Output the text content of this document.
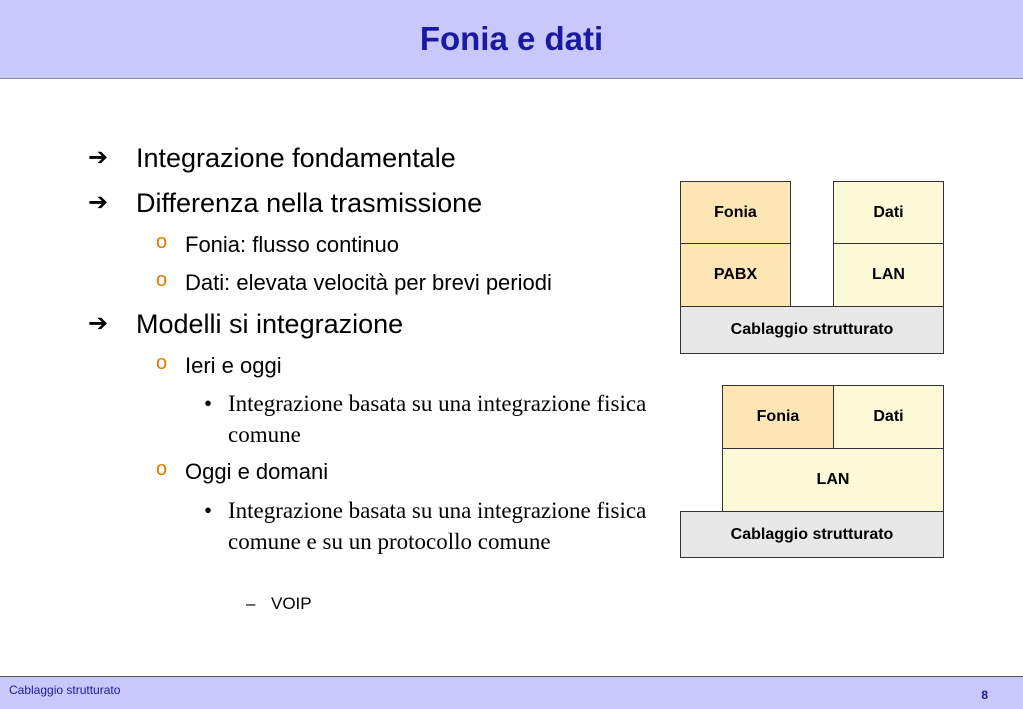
Fonia e dati
➔ Integrazione fondamentale
➔ Differenza nella trasmissione
o Fonia: flusso continuo
o Dati: elevata velocità per brevi periodi
➔ Modelli si integrazione
o Ieri e oggi
• Integrazione basata su una integrazione fisica comune
o Oggi e domani
• Integrazione basata su una integrazione fisica comune e su un protocollo comune
– VOIP
Fonia
PABX
Dati
LAN
Cablaggio strutturato
Fonia	Dati
LAN
Cablaggio strutturato
Cablaggio strutturato	8
